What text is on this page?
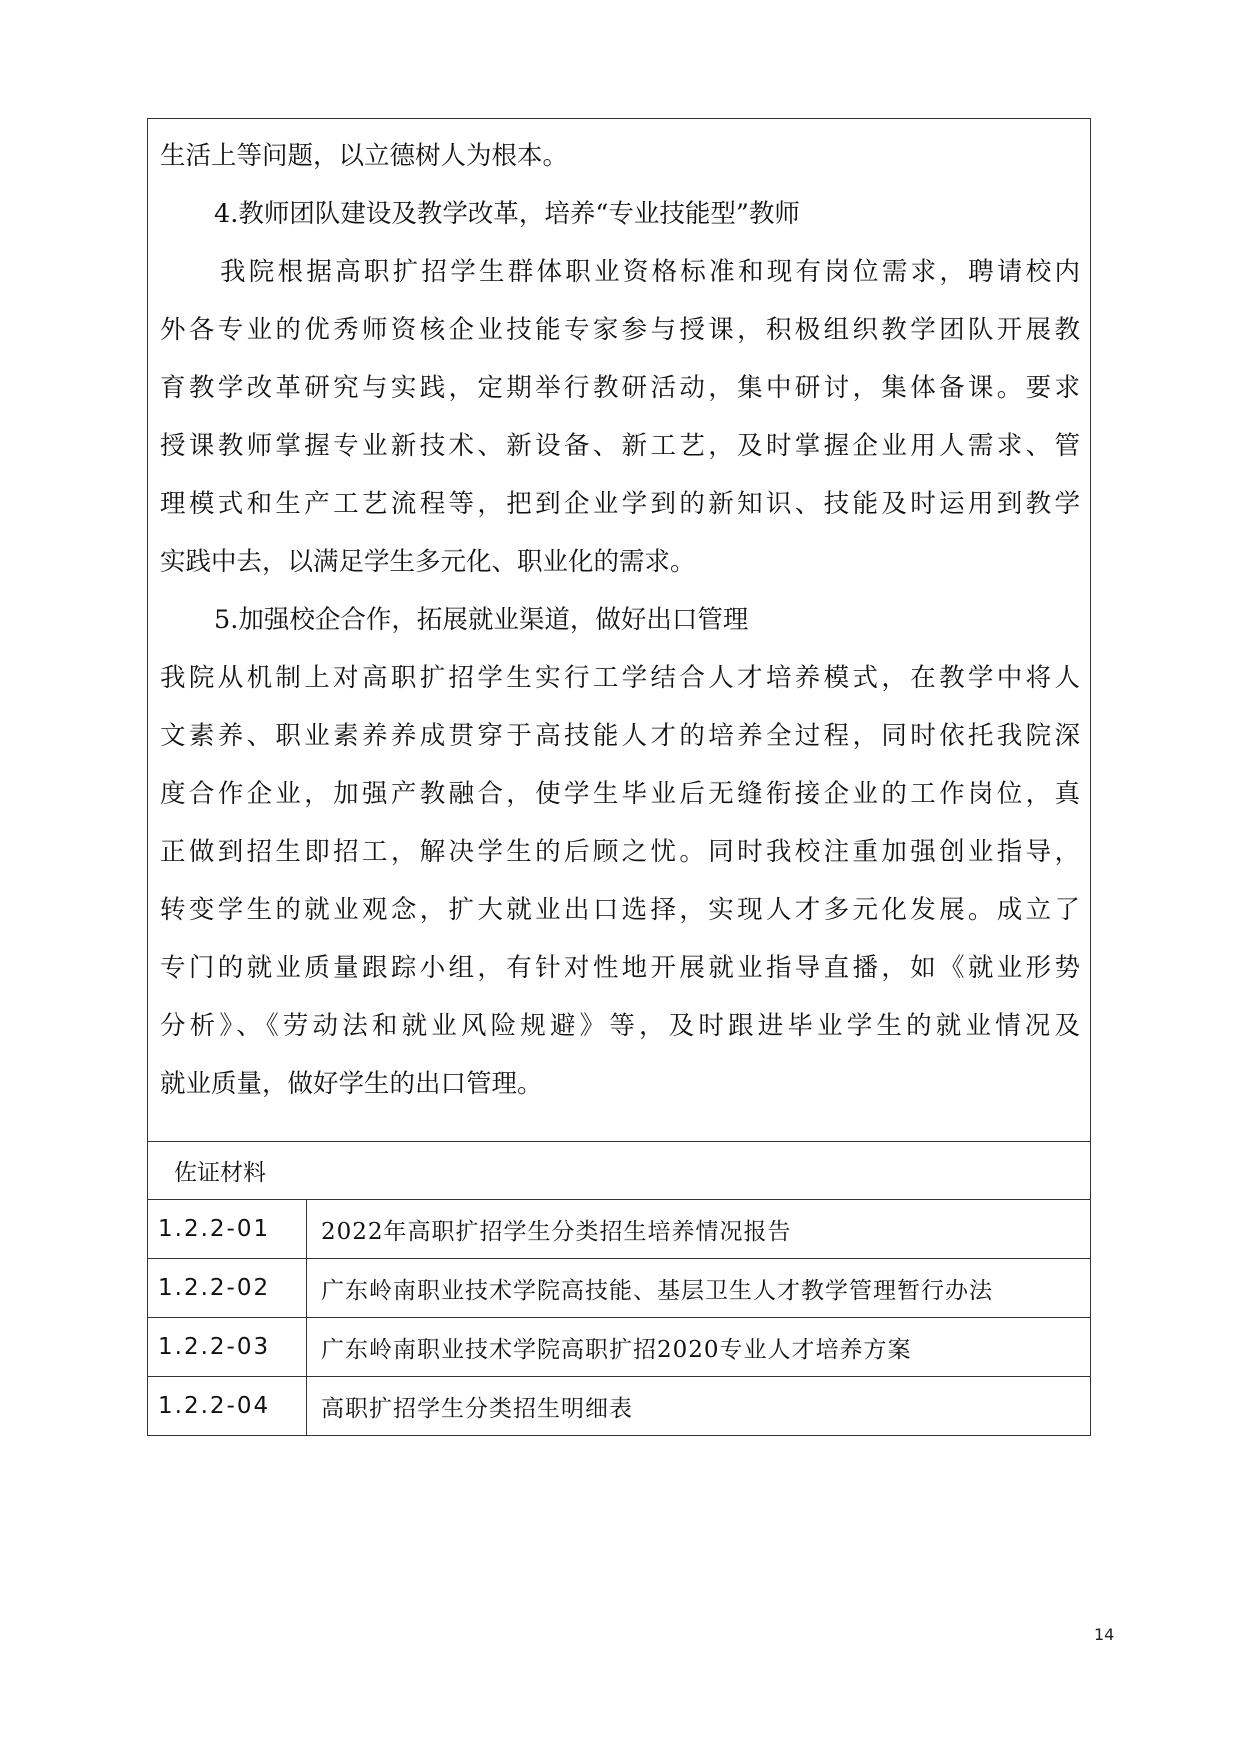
生活上等问题，以立德树人为根本。
4.教师团队建设及教学改革，培养“专业技能型”教师
我院根据高职扩招学生群体职业资格标准和现有岗位需求，聘请校内
外各专业的优秀师资核企业技能专家参与授课，积极组织教学团队开展教
育教学改革研究与实践，定期举行教研活动，集中研讨，集体备课。要求
授课教师掌握专业新技术、新设备、新工艺，及时掌握企业用人需求、管
理模式和生产工艺流程等，把到企业学到的新知识、技能及时运用到教学
实践中去，以满足学生多元化、职业化的需求。
5.加强校企合作，拓展就业渠道，做好出口管理
我院从机制上对高职扩招学生实行工学结合人才培养模式，在教学中将人
文素养、职业素养养成贯穿于高技能人才的培养全过程，同时依托我院深
度合作企业，加强产教融合，使学生毕业后无缝衔接企业的工作岗位，真
正做到招生即招工，解决学生的后顾之忧。同时我校注重加强创业指导，
转变学生的就业观念，扩大就业出口选择，实现人才多元化发展。成立了
专门的就业质量跟踪小组，有针对性地开展就业指导直播，如《就业形势
分析》、《劳动法和就业风险规避》等，及时跟进毕业学生的就业情况及
就业质量，做好学生的出口管理。
佐证材料	
1.2.2-01	2022年高职扩招学生分类招生培养情况报告
1.2.2-02	广东岭南职业技术学院高技能、基层卫生人才教学管理暂行办法
1.2.2-03	广东岭南职业技术学院高职扩招2020专业人才培养方案
1.2.2-04	高职扩招学生分类招生明细表
14
